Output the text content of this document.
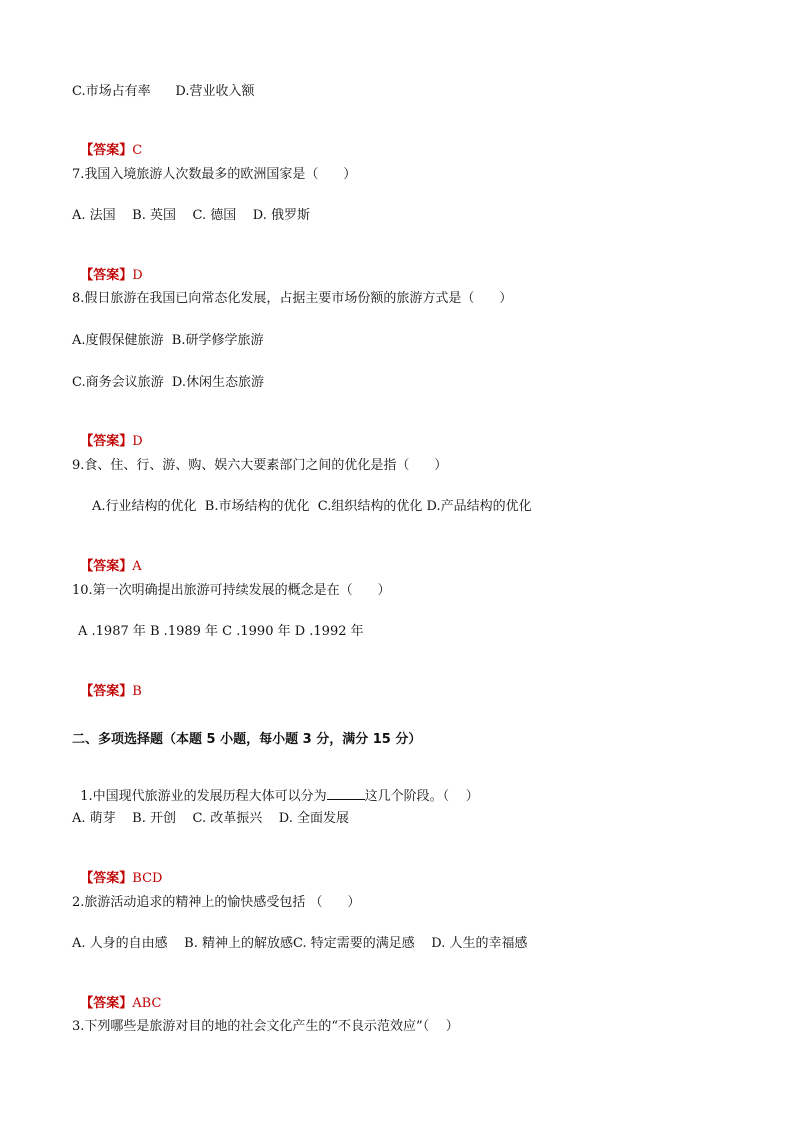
C.市场占有率      D.营业收入额

【答案】C

7.我国入境旅游人次数最多的欧洲国家是（      ）
A. 法国    B. 英国    C. 德国    D. 俄罗斯

【答案】D

8.假日旅游在我国已向常态化发展，占据主要市场份额的旅游方式是（      ）
A.度假保健旅游  B.研学修学旅游
C.商务会议旅游  D.休闲生态旅游

【答案】D

9.食、住、行、游、购、娱六大要素部门之间的优化是指（      ）
A.行业结构的优化  B.市场结构的优化  C.组织结构的优化 D.产品结构的优化

【答案】A

10.第一次明确提出旅游可持续发展的概念是在（      ）
A .1987 年 B .1989 年 C .1990 年 D .1992 年

【答案】B

二、多项选择题（本题 5 小题，每小题 3 分，满分 15 分）

1.中国现代旅游业的发展历程大体可以分为	这几个阶段。（    ）

A. 萌芽    B. 开创    C. 改革振兴    D. 全面发展

【答案】BCD

2.旅游活动追求的精神上的愉快感受包括 （      ）
A. 人身的自由感    B. 精神上的解放感C. 特定需要的满足感    D. 人生的幸福感

【答案】ABC

3.下列哪些是旅游对目的地的社会文化产生的“不良示范效应”（    ）
